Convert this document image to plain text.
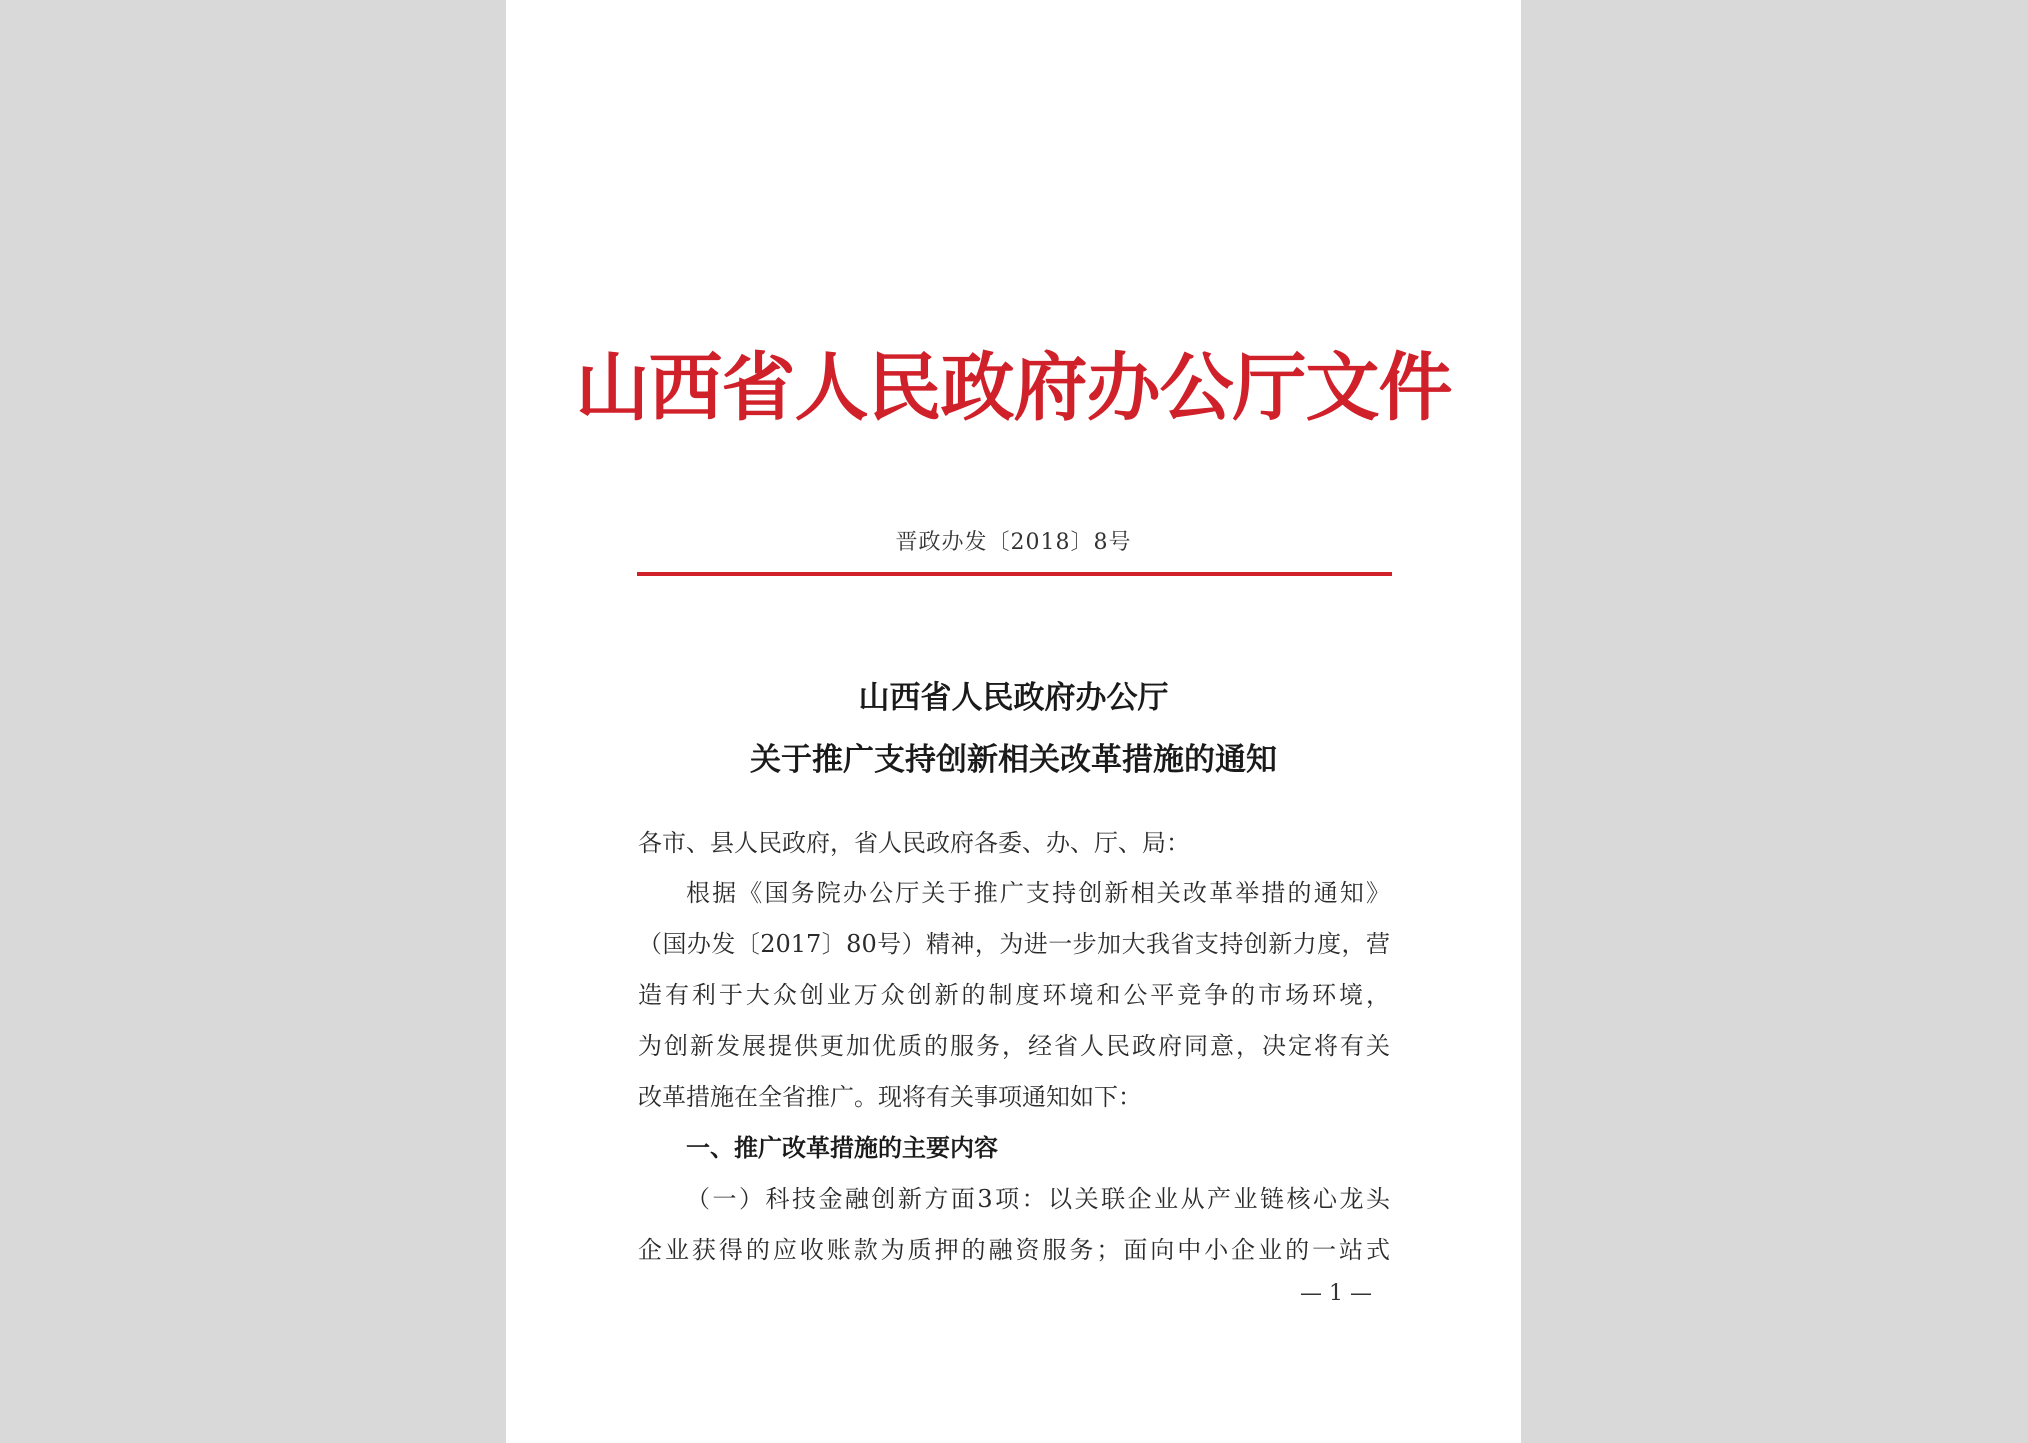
山西省人民政府办公厅文件
晋政办发〔2018〕8号
山西省人民政府办公厅
关于推广支持创新相关改革措施的通知
各市、县人民政府，省人民政府各委、办、厅、局：
根据《国务院办公厅关于推广支持创新相关改革举措的通知》
（国办发〔2017〕80号）精神，为进一步加大我省支持创新力度，营
造有利于大众创业万众创新的制度环境和公平竞争的市场环境，
为创新发展提供更加优质的服务，经省人民政府同意，决定将有关
改革措施在全省推广。现将有关事项通知如下：
一、推广改革措施的主要内容
（一）科技金融创新方面3项：以关联企业从产业链核心龙头
企业获得的应收账款为质押的融资服务；面向中小企业的一站式
— 1 —
